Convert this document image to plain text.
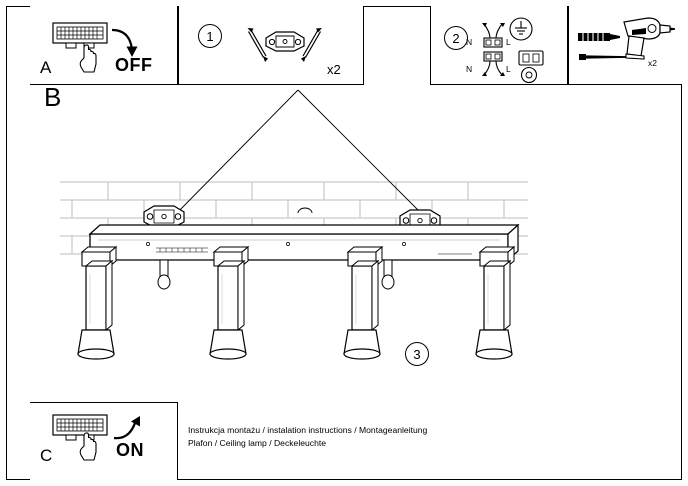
A	OFF
1
x2
2 N	L
N	L
x2
B
3
C	ON
Instrukcja montażu / instalation instructions / Montageanleitung
Plafon / Ceiling lamp / Deckeleuchte
